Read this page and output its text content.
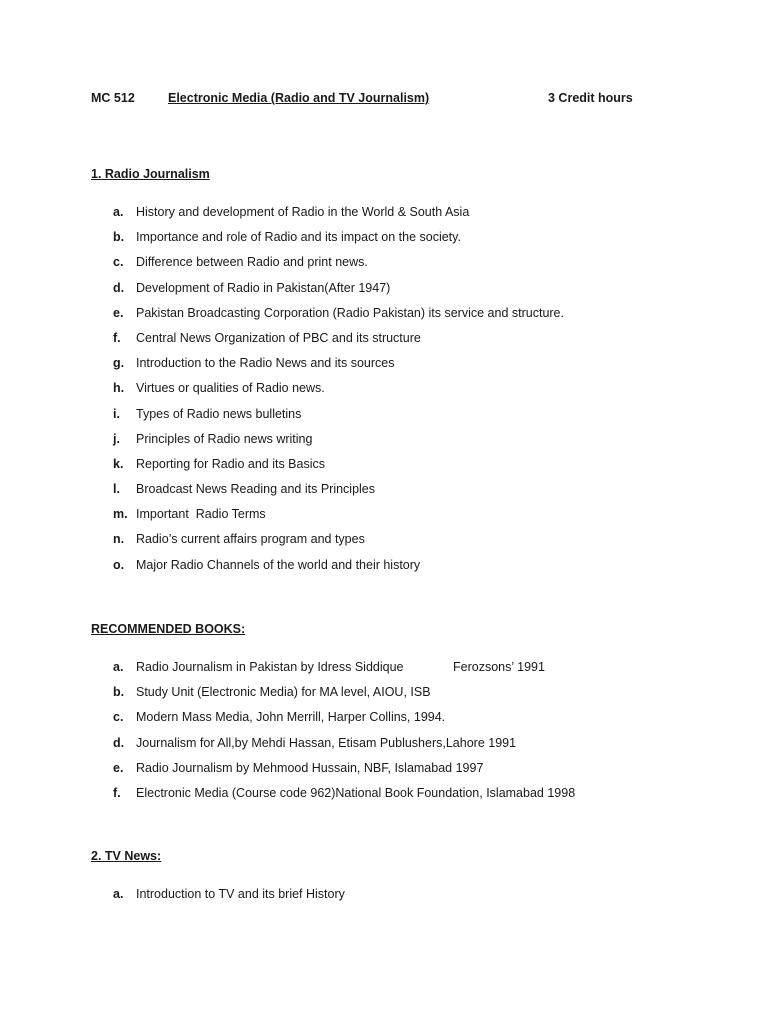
MC 512	Electronic Media (Radio and TV Journalism)	3 Credit hours
1. Radio Journalism
a. History and development of Radio in the World & South Asia
b. Importance and role of Radio and its impact on the society.
c. Difference between Radio and print news.
d. Development of Radio in Pakistan(After 1947)
e. Pakistan Broadcasting Corporation (Radio Pakistan) its service and structure.
f. Central News Organization of PBC and its structure
g. Introduction to the Radio News and its sources
h. Virtues or qualities of Radio news.
i. Types of Radio news bulletins
j. Principles of Radio news writing
k. Reporting for Radio and its Basics
l. Broadcast News Reading and its Principles
m. Important  Radio Terms
n. Radio’s current affairs program and types
o. Major Radio Channels of the world and their history
RECOMMENDED BOOKS:
a. Radio Journalism in Pakistan by Idress Siddique	Ferozsons’ 1991
b. Study Unit (Electronic Media) for MA level, AIOU, ISB
c. Modern Mass Media, John Merrill, Harper Collins, 1994.
d. Journalism for All,by Mehdi Hassan, Etisam Publushers,Lahore 1991
e. Radio Journalism by Mehmood Hussain, NBF, Islamabad 1997
f. Electronic Media (Course code 962)National Book Foundation, Islamabad 1998
2. TV News:
a. Introduction to TV and its brief History
